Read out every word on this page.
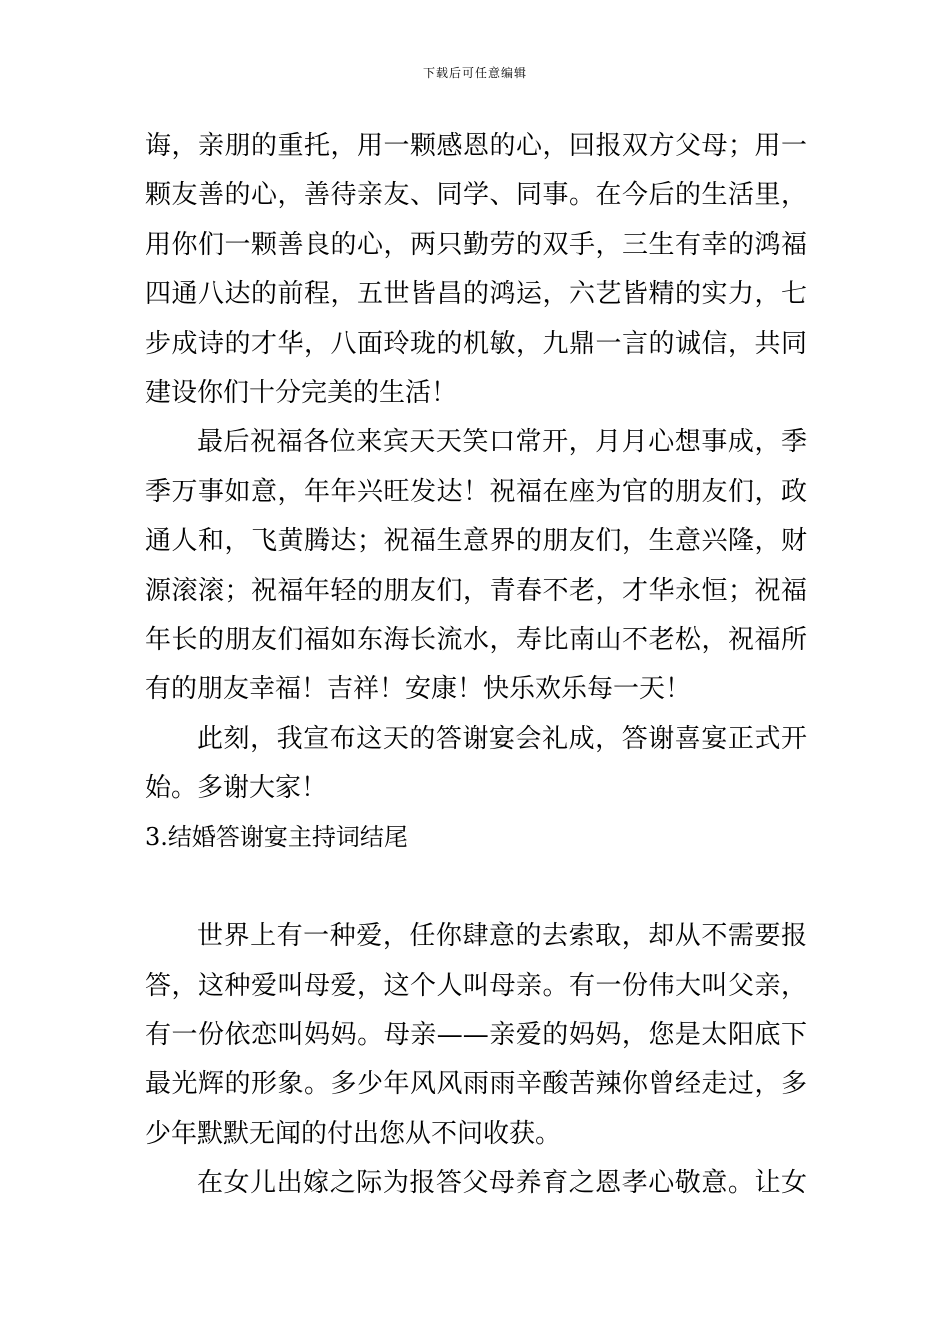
下载后可任意编辑
诲，亲朋的重托，用一颗感恩的心，回报双方父母；用一
颗友善的心，善待亲友、同学、同事。在今后的生活里，
用你们一颗善良的心，两只勤劳的双手，三生有幸的鸿福
四通八达的前程，五世皆昌的鸿运，六艺皆精的实力，七
步成诗的才华，八面玲珑的机敏，九鼎一言的诚信，共同
建设你们十分完美的生活！
最后祝福各位来宾天天笑口常开，月月心想事成，季
季万事如意，年年兴旺发达！祝福在座为官的朋友们，政
通人和，飞黄腾达；祝福生意界的朋友们，生意兴隆，财
源滚滚；祝福年轻的朋友们，青春不老，才华永恒；祝福
年长的朋友们福如东海长流水，寿比南山不老松，祝福所
有的朋友幸福！吉祥！安康！快乐欢乐每一天！
此刻，我宣布这天的答谢宴会礼成，答谢喜宴正式开
始。多谢大家！
3.结婚答谢宴主持词结尾
世界上有一种爱，任你肆意的去索取，却从不需要报
答，这种爱叫母爱，这个人叫母亲。有一份伟大叫父亲，
有一份依恋叫妈妈。母亲——亲爱的妈妈，您是太阳底下
最光辉的形象。多少年风风雨雨辛酸苦辣你曾经走过，多
少年默默无闻的付出您从不问收获。
在女儿出嫁之际为报答父母养育之恩孝心敬意。让女
